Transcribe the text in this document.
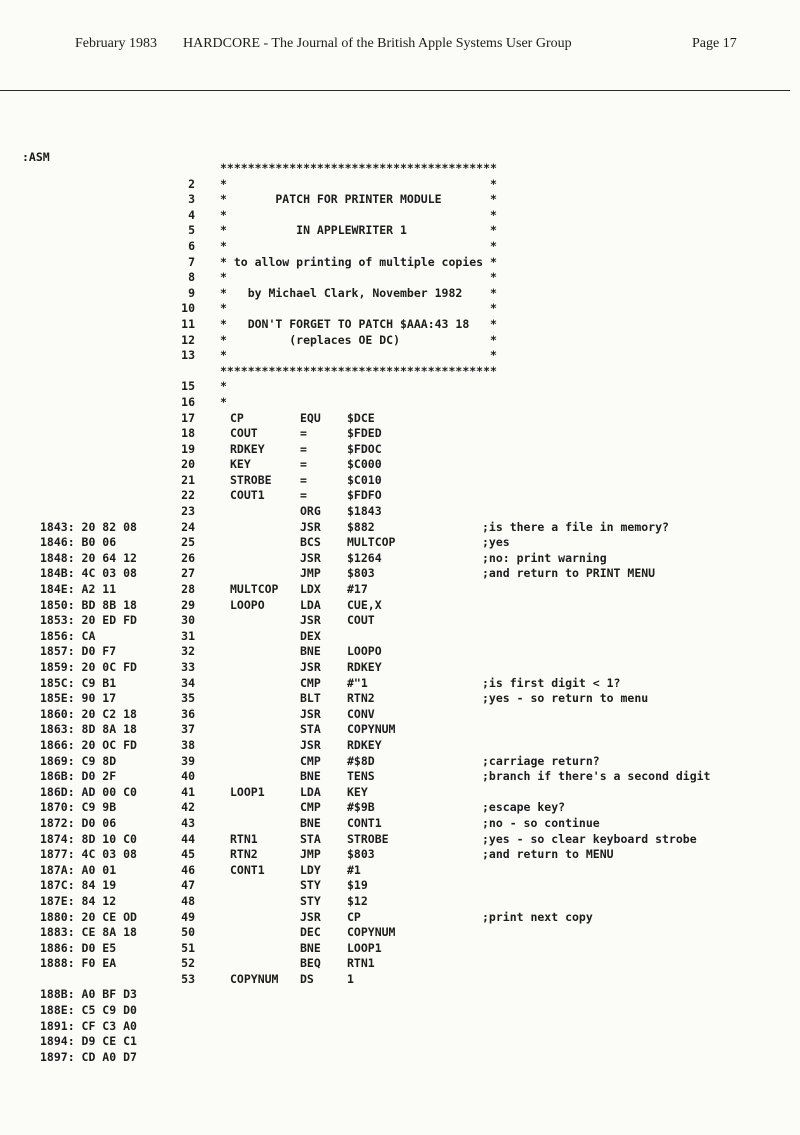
February 1983 HARDCORE - The Journal of the British Apple Systems User Group	Page 17
:ASM
****************************************
2 *                                      *
3 *       PATCH FOR PRINTER MODULE       *
4 *                                      *
5 *          IN APPLEWRITER 1            *
6 *                                      *
7 * to allow printing of multiple copies *
8 *                                      *
9 *   by Michael Clark, November 1982    *
10 *                                      *
11 *   DON'T FORGET TO PATCH $AAA:43 18   *
12 *         (replaces OE DC)             *
13 *                                      *
****************************************
15 *
16 *
17	CP	EQU $DCE
18	COUT	=	$FDED
19	RDKEY	=	$FDOC
20	KEY	=	$C000
21	STROBE =	$C010
22	COUT1	=	$FDFO
23	ORG $1843
1843: 20 82 08	24	JSR $882	;is there a file in memory?
1846: B0 06	25	BCS MULTCOP	;yes
1848: 20 64 12	26	JSR $1264	;no: print warning
184B: 4C 03 08	27	JMP $803	;and return to PRINT MENU
184E: A2 11	28	MULTCOP LDX #17
1850: BD 8B 18	29	LOOPO	LDA CUE,X
1853: 20 ED FD	30	JSR COUT
1856: CA	31	DEX
1857: D0 F7	32	BNE LOOPO
1859: 20 0C FD	33	JSR RDKEY
185C: C9 B1	34	CMP #"1	;is first digit < 1?
185E: 90 17	35	BLT RTN2	;yes - so return to menu
1860: 20 C2 18	36	JSR CONV
1863: 8D 8A 18	37	STA COPYNUM
1866: 20 OC FD	38	JSR RDKEY
1869: C9 8D	39	CMP #$8D	;carriage return?
186B: D0 2F	40	BNE TENS	;branch if there's a second digit
186D: AD 00 C0	41	LOOP1	LDA KEY
1870: C9 9B	42	CMP #$9B	;escape key?
1872: D0 06	43	BNE CONT1	;no - so continue
1874: 8D 10 C0	44	RTN1	STA STROBE	;yes - so clear keyboard strobe
1877: 4C 03 08	45	RTN2	JMP $803	;and return to MENU
187A: A0 01	46	CONT1	LDY #1
187C: 84 19	47	STY $19
187E: 84 12	48	STY $12
1880: 20 CE OD	49	JSR CP	;print next copy
1883: CE 8A 18	50	DEC COPYNUM
1886: D0 E5	51	BNE LOOP1
1888: F0 EA	52	BEQ RTN1
53	COPYNUM DS	1
188B: A0 BF D3
188E: C5 C9 D0
1891: CF C3 A0
1894: D9 CE C1
1897: CD A0 D7
